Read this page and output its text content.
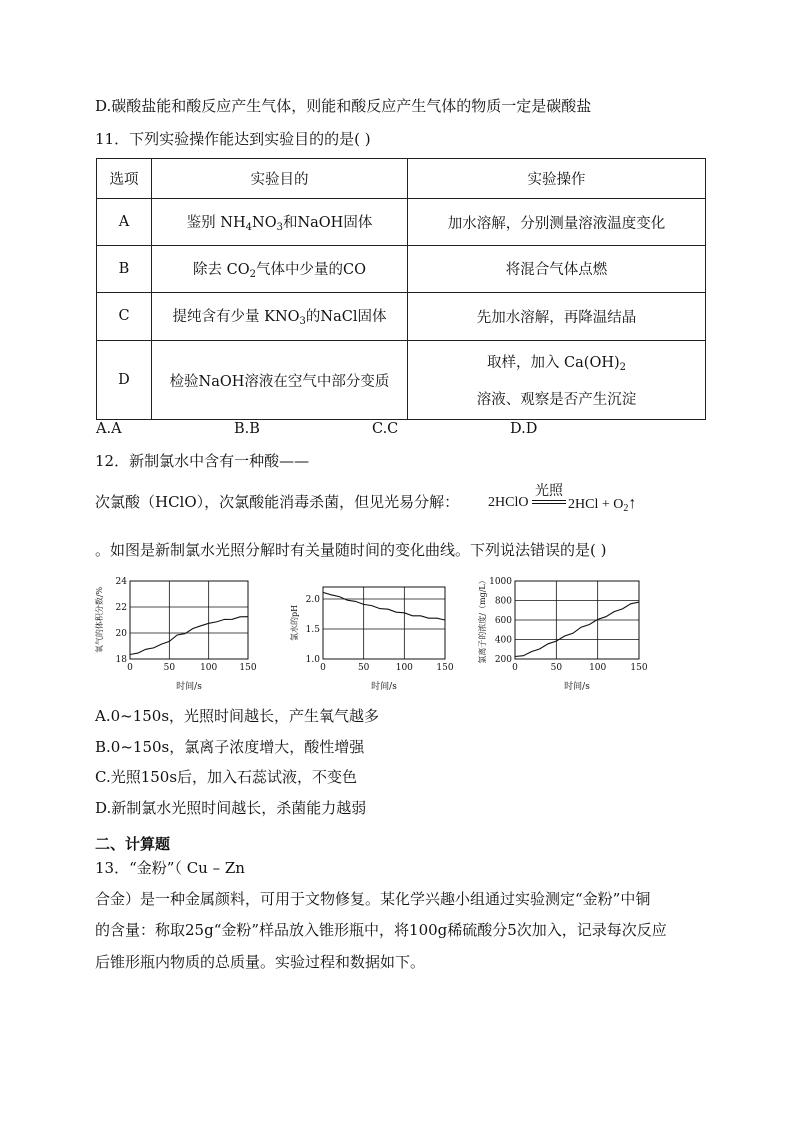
D.碳酸盐能和酸反应产生气体，则能和酸反应产生气体的物质一定是碳酸盐
11．下列实验操作能达到实验目的的是( )
选项	实验目的	实验操作
A	鉴别 $NH_4NO_3$和NaOH固体	加水溶解，分别测量溶液温度变化
B	除去 $CO_2$气体中少量的CO	将混合气体点燃
C	提纯含有少量 $KNO_3$的NaCl固体	先加水溶解，再降温结晶
D	检验NaOH溶液在空气中部分变质	取样，加入 $Ca(OH)_2$
溶液、观察是否产生沉淀
A.A	B.B	C.C	D.D
12．新制氯水中含有一种酸——
次氯酸（HClO），次氯酸能消毒杀菌，但见光易分解：
光照
2HClO	$2HCl + O_2↑$
。如图是新制氯水光照分解时有关量随时间的变化曲线。下列说法错误的是( )
18
20
22
24
0	50	100 150
时间/s
氧气的体积分数/%
1.0
1.5
2.0
0	50	100	150
时间/s
氯水的pH
200
400
600
800
1000
0	50	100	150
时间/s
氯离子的浓度/（mg/L）
A.0~150s，光照时间越长，产生氧气越多
B.0~150s，氯离子浓度增大，酸性增强
C.光照150s后，加入石蕊试液，不变色
D.新制氯水光照时间越长，杀菌能力越弱
二、计算题
13．“金粉”（ Cu – Zn
合金）是一种金属颜料，可用于文物修复。某化学兴趣小组通过实验测定“金粉”中铜
的含量：称取25g“金粉”样品放入锥形瓶中，将100g稀硫酸分5次加入，记录每次反应
后锥形瓶内物质的总质量。实验过程和数据如下。
